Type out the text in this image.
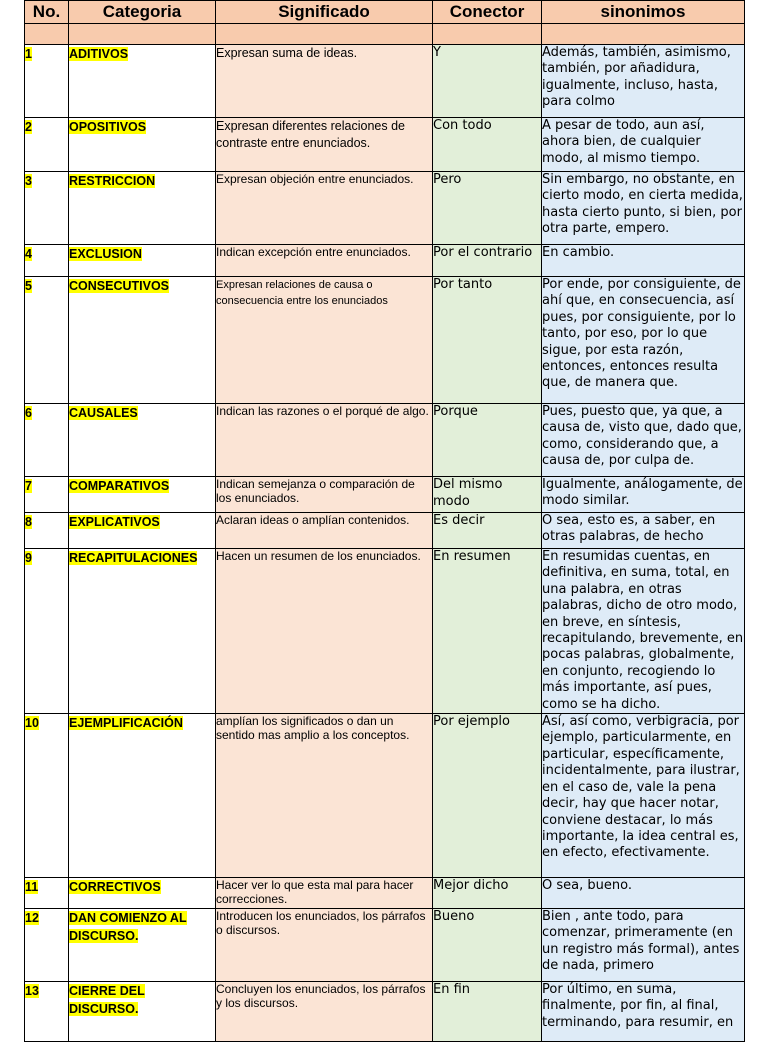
No.	Categoria	Significado	Conector	sinonimos

1	ADITIVOS	Expresan suma de ideas.	Y	Además, también, asimismo, también, por añadidura, igualmente, incluso, hasta, para colmo
2	OPOSITIVOS	Expresan diferentes relaciones de contraste entre enunciados.	Con todo	A pesar de todo, aun así, ahora bien, de cualquier modo, al mismo tiempo.
3	RESTRICCION	Expresan objeción entre enunciados.	Pero	Sin embargo, no obstante, en cierto modo, en cierta medida, hasta cierto punto, si bien, por otra parte, empero.
4	EXCLUSION	Indican excepción entre enunciados.	Por el contrario	En cambio.
5	CONSECUTIVOS	Expresan relaciones de causa o consecuencia entre los enunciados	Por tanto	Por ende, por consiguiente, de ahí que, en consecuencia, así pues, por consiguiente, por lo tanto, por eso, por lo que sigue, por esta razón, entonces, entonces resulta que, de manera que.
6	CAUSALES	Indican las razones o el porqué de algo.	Porque	Pues, puesto que, ya que, a causa de, visto que, dado que, como, considerando que, a causa de, por culpa de.
7	COMPARATIVOS	Indican semejanza o comparación de los enunciados.	Del mismo modo	Igualmente, análogamente, de modo similar.
8	EXPLICATIVOS	Aclaran ideas o amplían contenidos.	Es decir	O sea, esto es, a saber, en otras palabras, de hecho
9	RECAPITULACIONES	Hacen un resumen de los enunciados.	En resumen	En resumidas cuentas, en definitiva, en suma, total, en una palabra, en otras palabras, dicho de otro modo, en breve, en síntesis, recapitulando, brevemente, en pocas palabras, globalmente, en conjunto, recogiendo lo más importante, así pues, como se ha dicho.
10	EJEMPLIFICACIÓN	amplían los significados o dan un sentido mas amplio a los conceptos.	Por ejemplo	Así, así como, verbigracia, por ejemplo, particularmente, en particular, específicamente, incidentalmente, para ilustrar, en el caso de, vale la pena decir, hay que hacer notar, conviene destacar, lo más importante, la idea central es, en efecto, efectivamente.
11	CORRECTIVOS	Hacer ver lo que esta mal para hacer correcciones.	Mejor dicho	O sea, bueno.
12	DAN COMIENZO AL DISCURSO.	Introducen los enunciados, los párrafos o discursos.	Bueno	Bien , ante todo, para comenzar, primeramente (en un registro más formal), antes de nada, primero
13	CIERRE DEL DISCURSO.	Concluyen los enunciados, los párrafos y los discursos.	En fin	Por último, en suma, finalmente, por fin, al final, terminando, para resumir, en
